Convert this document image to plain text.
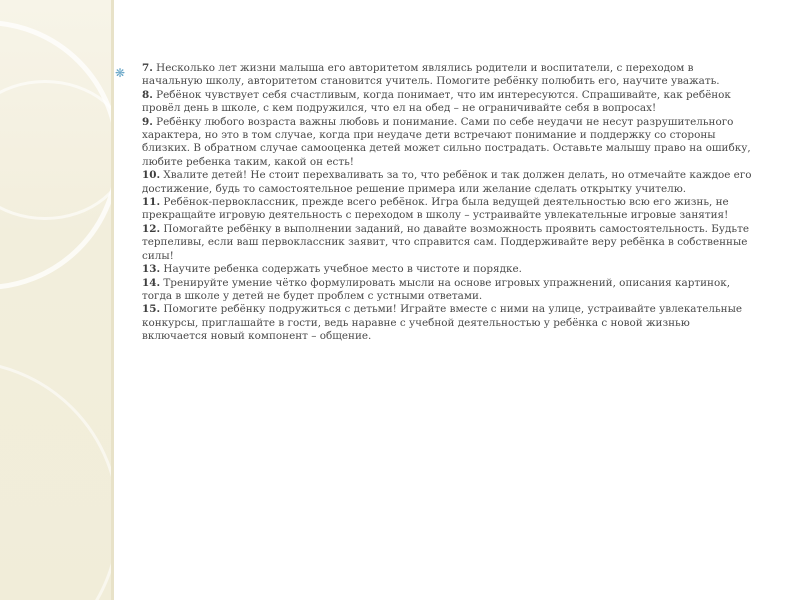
❋ 7. Несколько лет жизни малыша его авторитетом являлись родители и воспитатели, с переходом в начальную школу, авторитетом становится учитель. Помогите ребёнку полюбить его, научите уважать.

8. Ребёнок чувствует себя счастливым, когда понимает, что им интересуются. Спрашивайте, как ребёнок провёл день в школе, с кем подружился, что ел на обед – не ограничивайте себя в вопросах!

9. Ребёнку любого возраста важны любовь и понимание. Сами по себе неудачи не несут разрушительного характера, но это в том случае, когда при неудаче дети встречают понимание и поддержку со стороны близких. В обратном случае самооценка детей может сильно пострадать. Оставьте малышу право на ошибку, любите ребенка таким, какой он есть!

10. Хвалите детей! Не стоит перехваливать за то, что ребёнок и так должен делать, но отмечайте каждое его достижение, будь то самостоятельное решение примера или желание сделать открытку учителю.

11. Ребёнок-первоклассник, прежде всего ребёнок. Игра была ведущей деятельностью всю его жизнь, не прекращайте игровую деятельность с переходом в школу – устраивайте увлекательные игровые занятия!

12. Помогайте ребёнку в выполнении заданий, но давайте возможность проявить самостоятельность. Будьте терпеливы, если ваш первоклассник заявит, что справится сам. Поддерживайте веру ребёнка в собственные силы!

13. Научите ребенка содержать учебное место в чистоте и порядке.

14. Тренируйте умение чётко формулировать мысли на основе игровых упражнений, описания картинок, тогда в школе у детей не будет проблем с устными ответами.

15. Помогите ребёнку подружиться с детьми! Играйте вместе с ними на улице, устраивайте увлекательные конкурсы, приглашайте в гости, ведь наравне с учебной деятельностью у ребёнка с новой жизнью включается новый компонент – общение.
